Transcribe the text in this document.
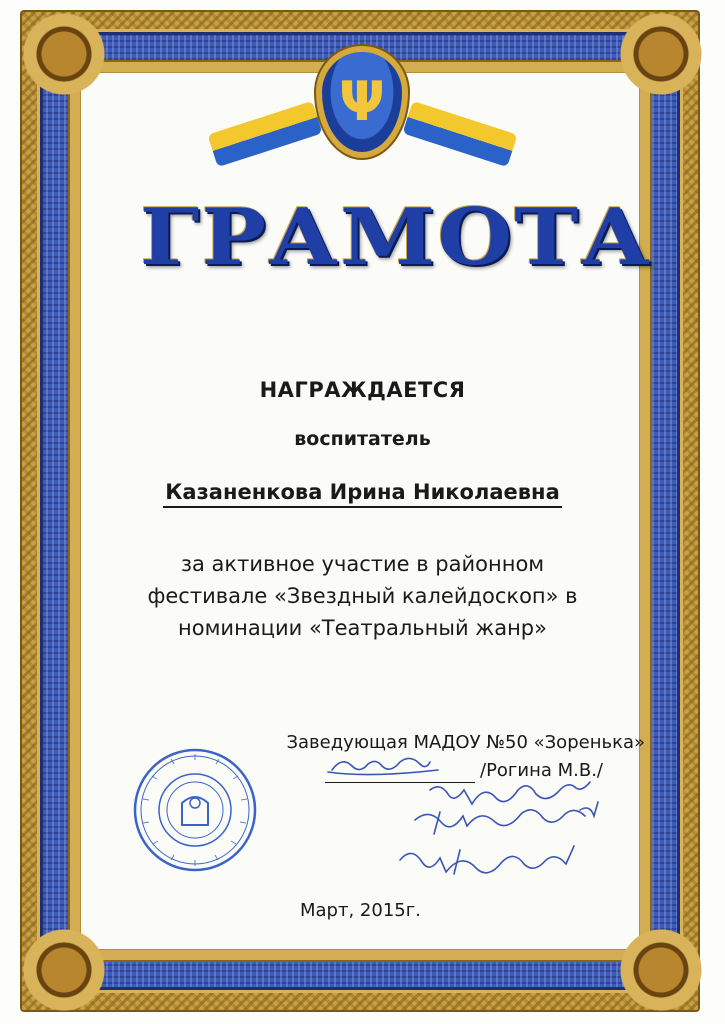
Ψ
ГРАМОТА
НАГРАЖДАЕТСЯ
воспитатель
Казаненкова Ирина Николаевна
за активное участие в районном
фестивале «Звездный калейдоскоп» в
номинации «Театральный жанр»
Заведующая МАДОУ №50 «Зоренька»
/Рогина М.В./
Март, 2015г.
